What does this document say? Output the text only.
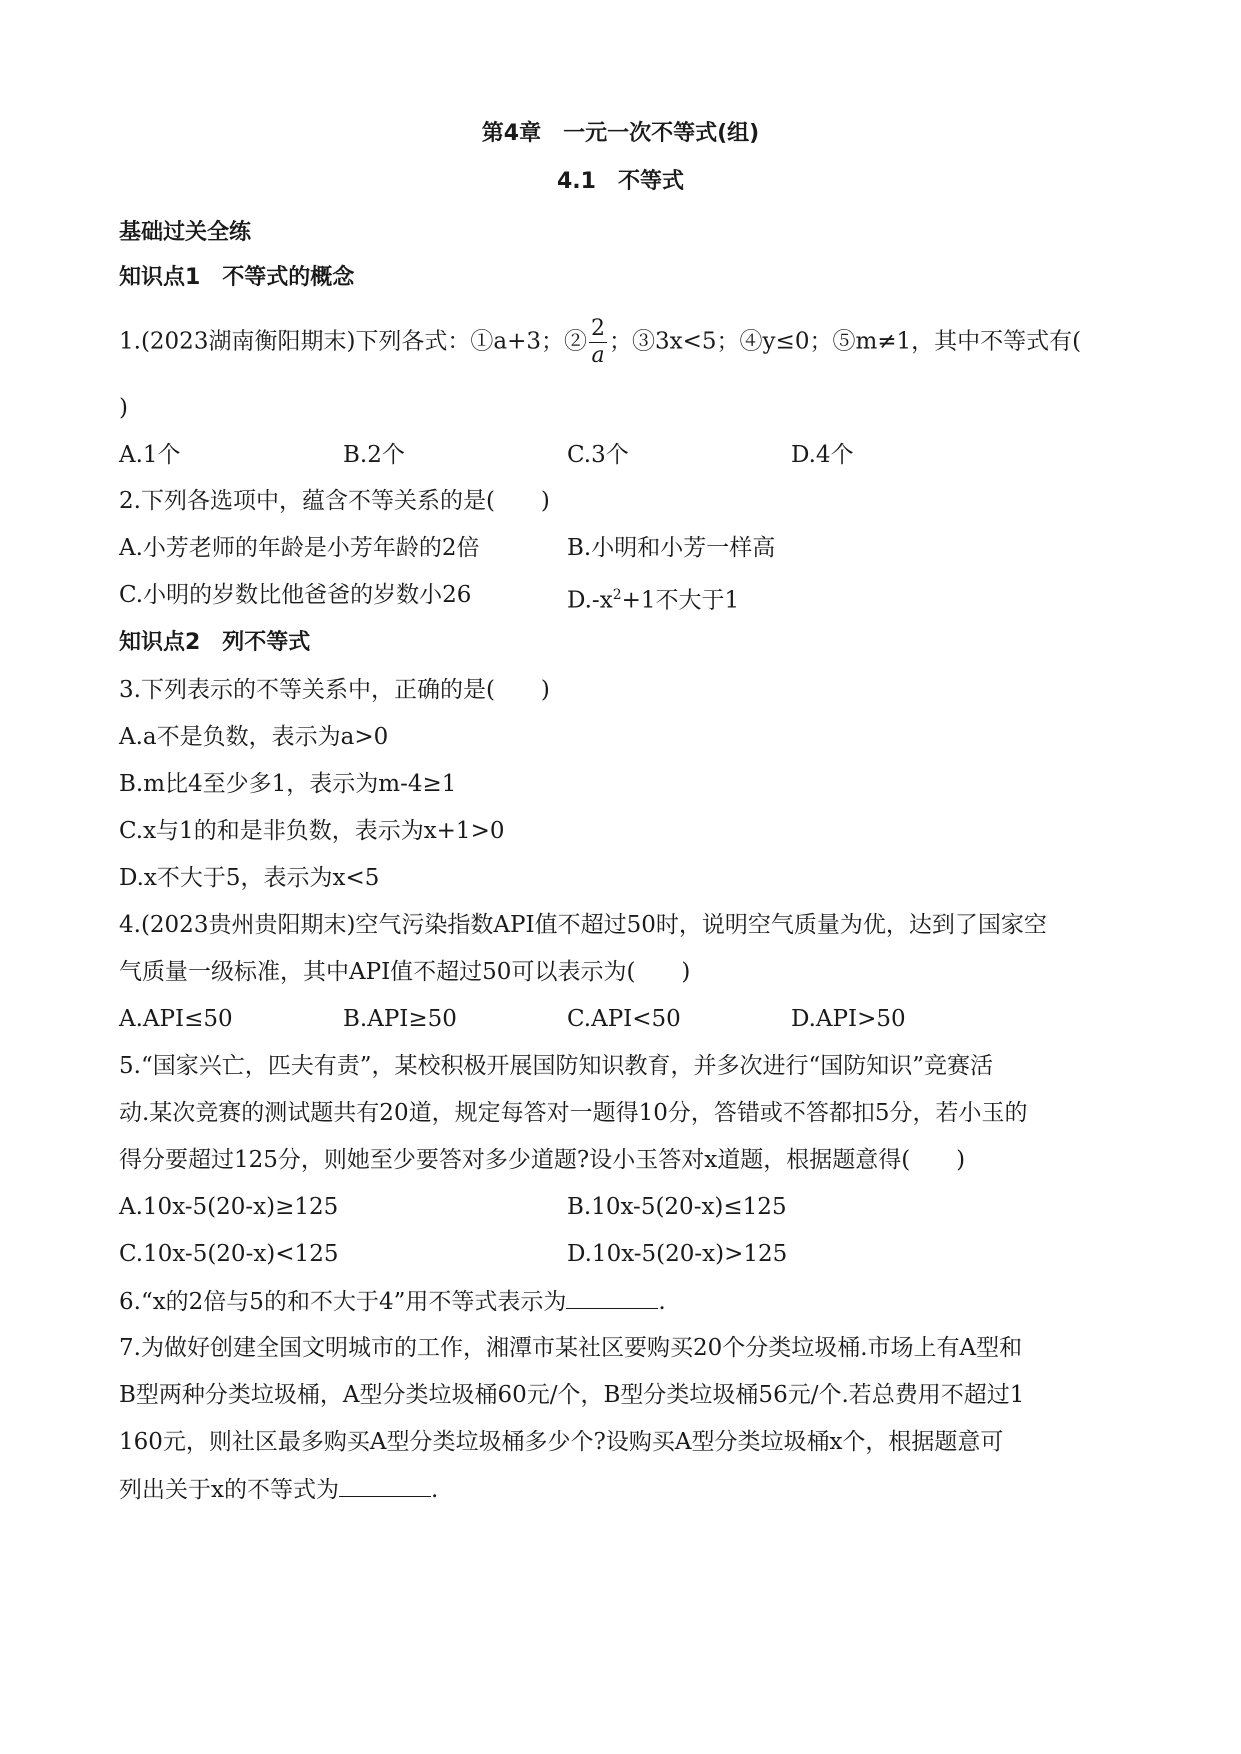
第4章　一元一次不等式(组)
4.1　不等式
基础过关全练
知识点1　不等式的概念
1.(2023湖南衡阳期末)下列各式：①a+3；② $\frac{2}{a}$ ；③3x<5；④y≤0；⑤m≠1，其中不等式有(
)
A.1个	B.2个	C.3个	D.4个
2.下列各选项中，蕴含不等关系的是(　　)
A.小芳老师的年龄是小芳年龄的2倍	B.小明和小芳一样高
C.小明的岁数比他爸爸的岁数小26	$D.-x^2+1$不大于1
知识点2　列不等式
3.下列表示的不等关系中，正确的是(　　)
A.a不是负数，表示为a>0
B.m比4至少多1，表示为m-4≥1
C.x与1的和是非负数，表示为x+1>0
D.x不大于5，表示为x<5
4.(2023贵州贵阳期末)空气污染指数API值不超过50时，说明空气质量为优，达到了国家空
气质量一级标准，其中API值不超过50可以表示为(　　)
A.API≤50	B.API≥50	C.API<50	D.API>50
5.“国家兴亡，匹夫有责”，某校积极开展国防知识教育，并多次进行“国防知识”竞赛活
动.某次竞赛的测试题共有20道，规定每答对一题得10分，答错或不答都扣5分，若小玉的
得分要超过125分，则她至少要答对多少道题?设小玉答对x道题，根据题意得(　　)
A.10x-5(20-x)≥125	B.10x-5(20-x)≤125
C.10x-5(20-x)<125	D.10x-5(20-x)>125
6.“x的2倍与5的和不大于4”用不等式表示为	.
7.为做好创建全国文明城市的工作，湘潭市某社区要购买20个分类垃圾桶.市场上有A型和
B型两种分类垃圾桶，A型分类垃圾桶60元/个，B型分类垃圾桶56元/个.若总费用不超过1
160元，则社区最多购买A型分类垃圾桶多少个?设购买A型分类垃圾桶x个，根据题意可
列出关于x的不等式为	.
